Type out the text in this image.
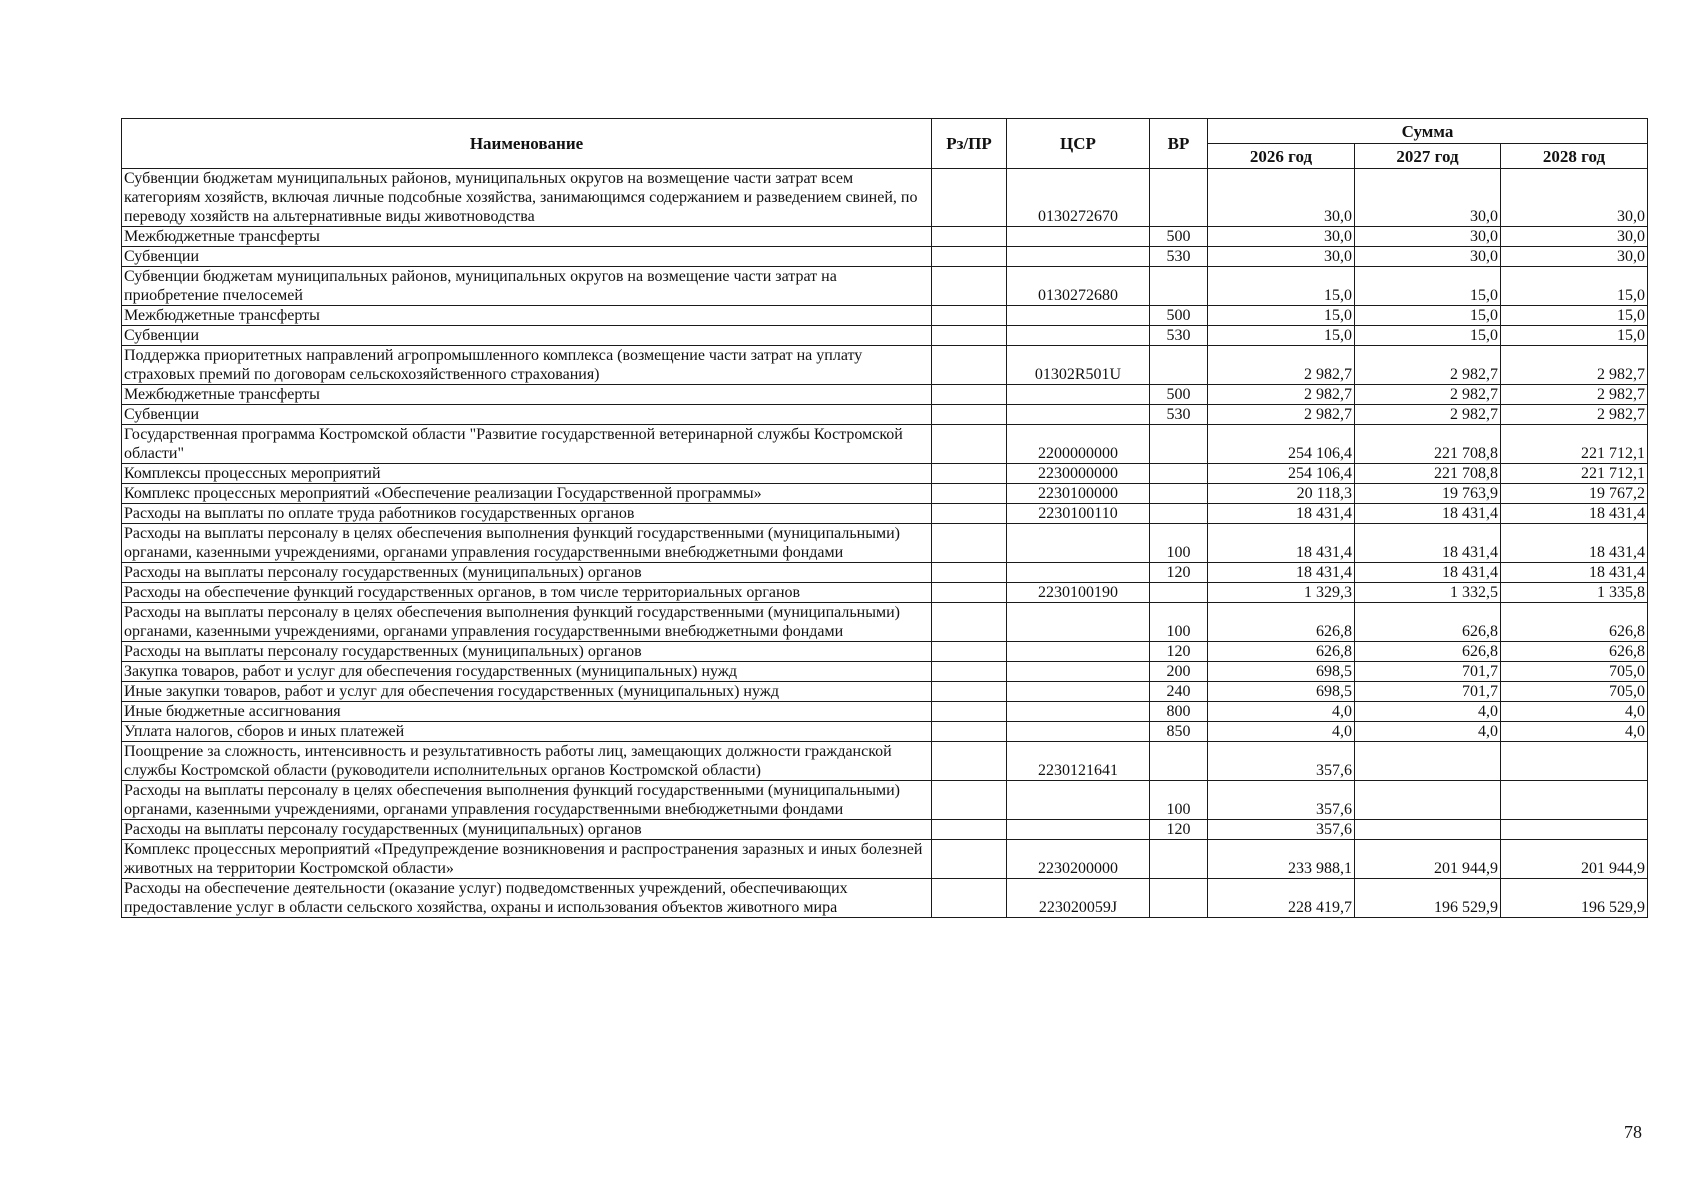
Наименование	Рз/ПР	ЦСР	ВР	Сумма		
				2026 год	2027 год	2028 год
Субвенции бюджетам муниципальных районов, муниципальных округов на возмещение части затрат всем категориям хозяйств, включая личные подсобные хозяйства, занимающимся содержанием и разведением свиней, по переводу хозяйств на альтернативные виды животноводства		0130272670		30,0	30,0	30,0
Межбюджетные трансферты			500	30,0	30,0	30,0
Субвенции			530	30,0	30,0	30,0
Субвенции бюджетам муниципальных районов, муниципальных округов на возмещение части затрат на приобретение пчелосемей		0130272680		15,0	15,0	15,0
Межбюджетные трансферты			500	15,0	15,0	15,0
Субвенции			530	15,0	15,0	15,0
Поддержка приоритетных направлений агропромышленного комплекса (возмещение части затрат на уплату страховых премий по договорам сельскохозяйственного страхования)		01302R501U		2 982,7	2 982,7	2 982,7
Межбюджетные трансферты			500	2 982,7	2 982,7	2 982,7
Субвенции			530	2 982,7	2 982,7	2 982,7
Государственная программа Костромской области "Развитие государственной ветеринарной службы Костромской области"		2200000000		254 106,4	221 708,8	221 712,1
Комплексы процессных мероприятий		2230000000		254 106,4	221 708,8	221 712,1
Комплекс процессных мероприятий «Обеспечение реализации Государственной программы»		2230100000		20 118,3	19 763,9	19 767,2
Расходы на выплаты по оплате труда работников государственных органов		2230100110		18 431,4	18 431,4	18 431,4
Расходы на выплаты персоналу в целях обеспечения выполнения функций государственными (муниципальными) органами, казенными учреждениями, органами управления государственными внебюджетными фондами			100	18 431,4	18 431,4	18 431,4
Расходы на выплаты персоналу государственных (муниципальных) органов			120	18 431,4	18 431,4	18 431,4
Расходы на обеспечение функций государственных органов, в том числе территориальных органов		2230100190		1 329,3	1 332,5	1 335,8
Расходы на выплаты персоналу в целях обеспечения выполнения функций государственными (муниципальными) органами, казенными учреждениями, органами управления государственными внебюджетными фондами			100	626,8	626,8	626,8
Расходы на выплаты персоналу государственных (муниципальных) органов			120	626,8	626,8	626,8
Закупка товаров, работ и услуг для обеспечения государственных (муниципальных) нужд			200	698,5	701,7	705,0
Иные закупки товаров, работ и услуг для обеспечения государственных (муниципальных) нужд			240	698,5	701,7	705,0
Иные бюджетные ассигнования			800	4,0	4,0	4,0
Уплата налогов, сборов и иных платежей			850	4,0	4,0	4,0
Поощрение за сложность, интенсивность и результативность работы лиц, замещающих должности гражданской службы Костромской области (руководители исполнительных органов Костромской области)		2230121641		357,6		
Расходы на выплаты персоналу в целях обеспечения выполнения функций государственными (муниципальными) органами, казенными учреждениями, органами управления государственными внебюджетными фондами			100	357,6		
Расходы на выплаты персоналу государственных (муниципальных) органов			120	357,6		
Комплекс процессных мероприятий «Предупреждение возникновения и распространения заразных и иных болезней животных на территории Костромской области»		2230200000		233 988,1	201 944,9	201 944,9
Расходы на обеспечение деятельности (оказание услуг) подведомственных учреждений, обеспечивающих предоставление услуг в области сельского хозяйства, охраны и использования объектов животного мира		223020059J		228 419,7	196 529,9	196 529,9
78
